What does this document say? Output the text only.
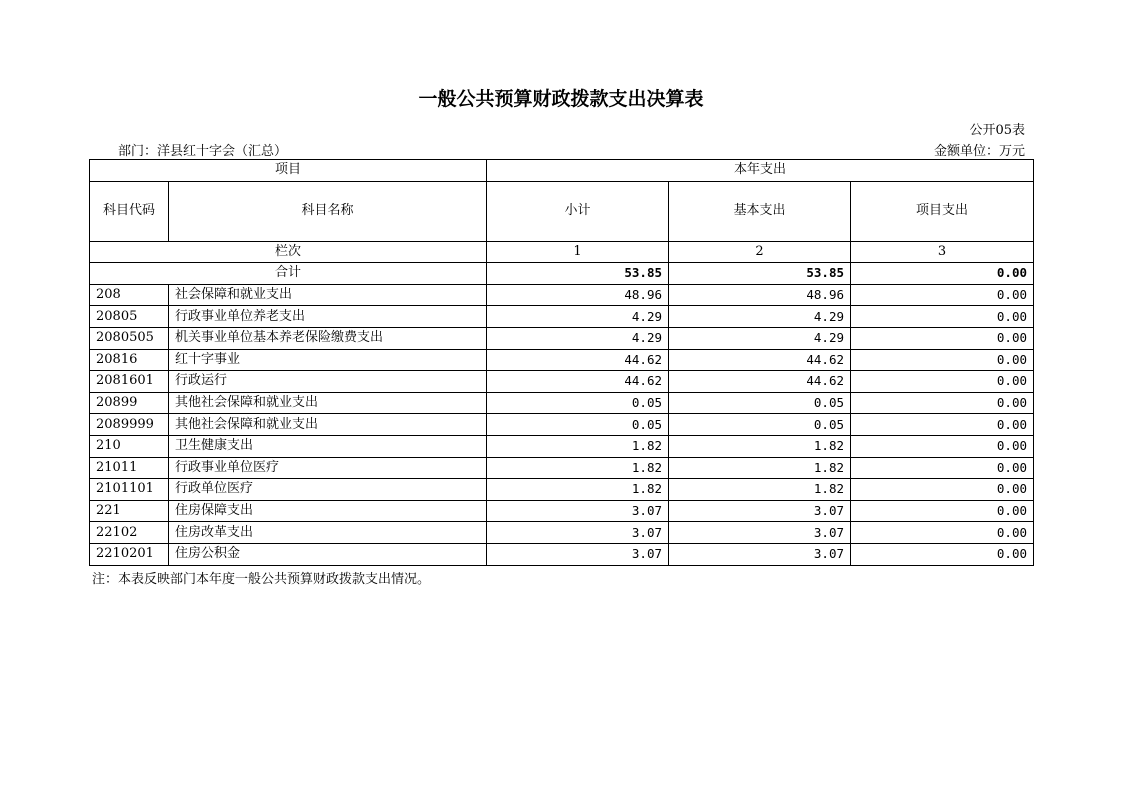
一般公共预算财政拨款支出决算表
公开05表
部门：洋县红十字会（汇总）	金额单位：万元
项目		本年支出		
科目代码	科目名称	小计	基本支出	项目支出
栏次		1	2	3
合计		53.85	53.85	0.00
208	社会保障和就业支出	48.96	48.96	0.00
20805	行政事业单位养老支出	4.29	4.29	0.00
2080505	机关事业单位基本养老保险缴费支出	4.29	4.29	0.00
20816	红十字事业	44.62	44.62	0.00
2081601	行政运行	44.62	44.62	0.00
20899	其他社会保障和就业支出	0.05	0.05	0.00
2089999	其他社会保障和就业支出	0.05	0.05	0.00
210	卫生健康支出	1.82	1.82	0.00
21011	行政事业单位医疗	1.82	1.82	0.00
2101101	行政单位医疗	1.82	1.82	0.00
221	住房保障支出	3.07	3.07	0.00
22102	住房改革支出	3.07	3.07	0.00
2210201	住房公积金	3.07	3.07	0.00
注：本表反映部门本年度一般公共预算财政拨款支出情况。
